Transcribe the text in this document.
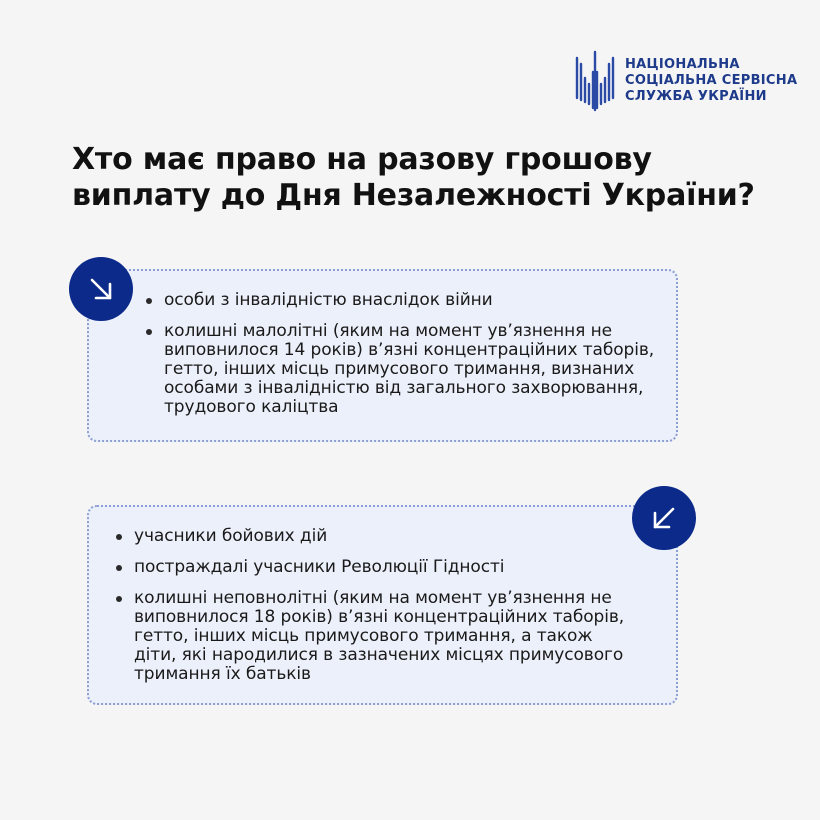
НАЦІОНАЛЬНА
СОЦІАЛЬНА СЕРВІСНА
СЛУЖБА УКРАЇНИ
Хто має право на разову грошову
виплату до Дня Незалежності України?
особи з інвалідністю внаслідок війни
колишні малолітні (яким на момент ув’язнення не виповнилося 14 років) в’язні концентраційних таборів, гетто, інших місць примусового тримання, визнаних особами з інвалідністю від загального захворювання, трудового каліцтва
учасники бойових дій
постраждалі учасники Революції Гідності
колишні неповнолітні (яким на момент ув’язнення не виповнилося 18 років) в’язні концентраційних таборів, гетто, інших місць примусового тримання, а також діти, які народилися в зазначених місцях примусового тримання їх батьків
